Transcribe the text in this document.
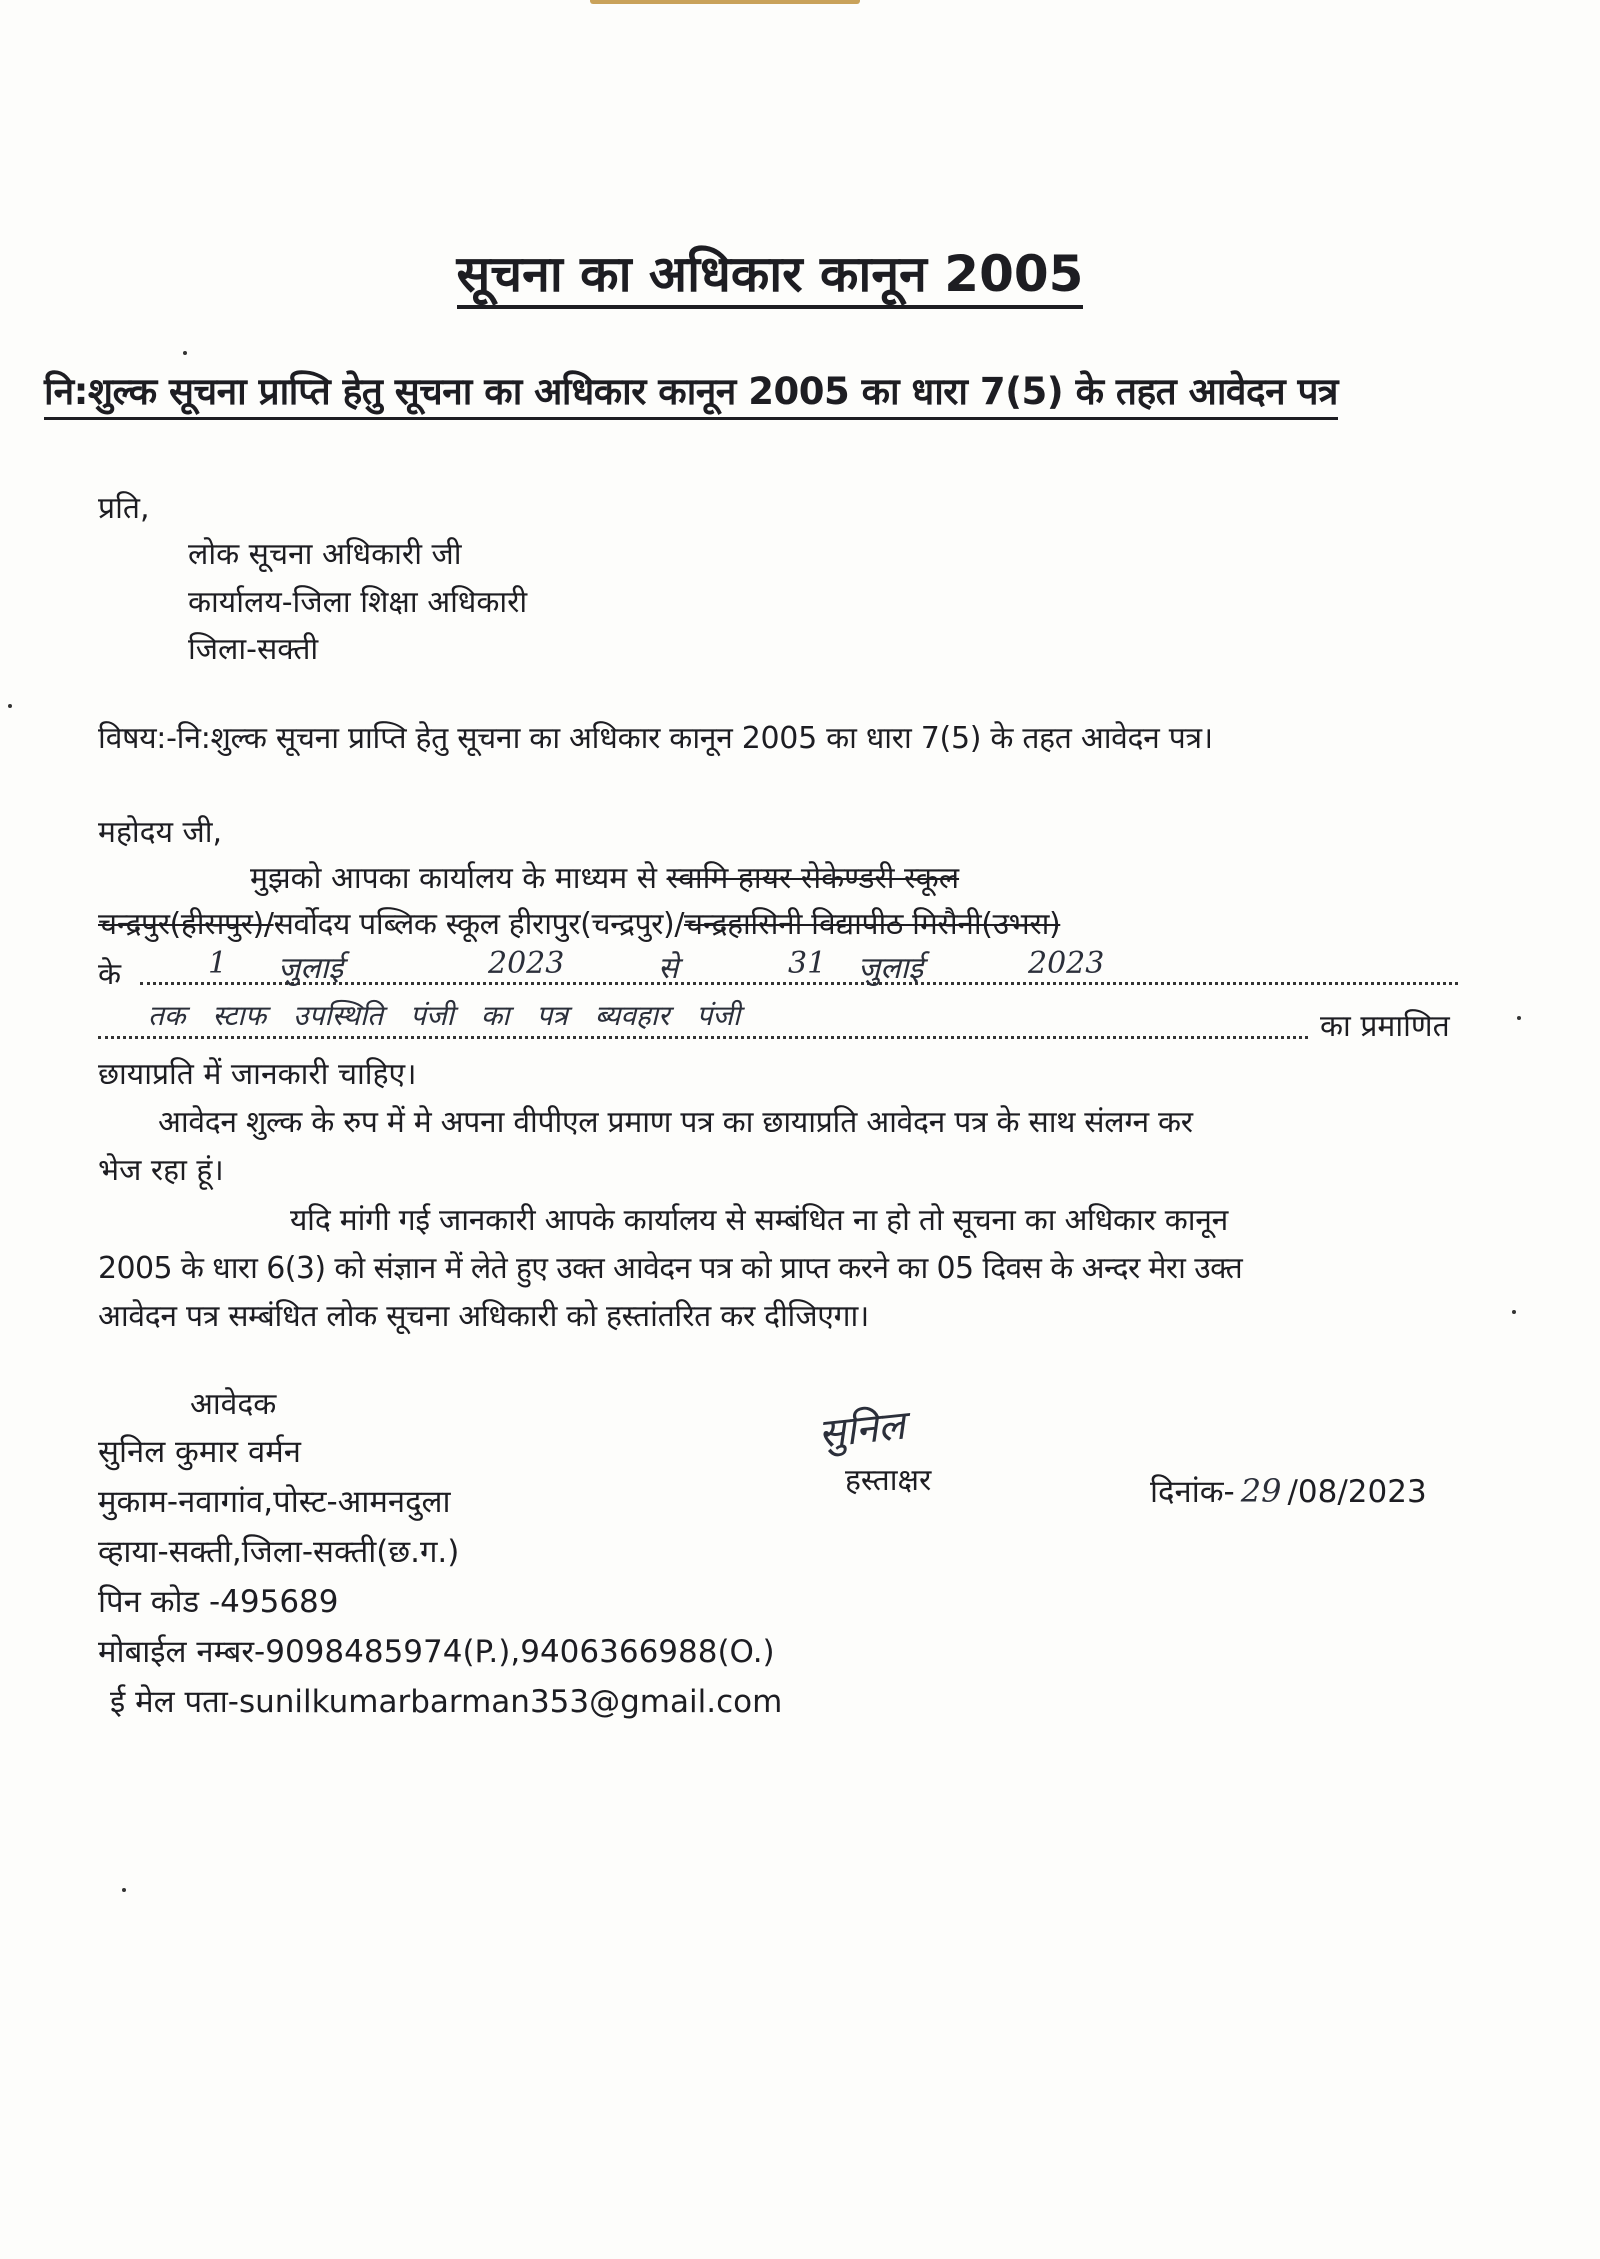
सूचना का अधिकार कानून 2005
नि:शुल्क सूचना प्राप्ति हेतु सूचना का अधिकार कानून 2005 का धारा 7(5) के तहत आवेदन पत्र
प्रति,
लोक सूचना अधिकारी जी
कार्यालय-जिला शिक्षा अधिकारी
जिला-सक्ती
विषय:-नि:शुल्क सूचना प्राप्ति हेतु सूचना का अधिकार कानून 2005 का धारा 7(5) के तहत आवेदन पत्र।
महोदय जी,
मुझको आपका कार्यालय के माध्यम से स्वामि हायर सेकेण्डरी स्कूल
चन्द्रपुर(हीसपुर)/सर्वोदय पब्लिक स्कूल हीरापुर(चन्द्रपुर)/चन्द्रहासिनी विद्यापीठ मिसैनी(उभरा)
के	1 जुलाई	2023	से	31 जुलाई	2023
तक स्टाफ उपस्थिति पंजी का पत्र ब्यवहार पंजी	का प्रमाणित
छायाप्रति में जानकारी चाहिए।
आवेदन शुल्क के रुप में मे अपना वीपीएल प्रमाण पत्र का छायाप्रति आवेदन पत्र के साथ संलग्न कर
भेज रहा हूं।
यदि मांगी गई जानकारी आपके कार्यालय से सम्बंधित ना हो तो सूचना का अधिकार कानून
2005 के धारा 6(3) को संज्ञान में लेते हुए उक्त आवेदन पत्र को प्राप्त करने का 05 दिवस के अन्दर मेरा उक्त
आवेदन पत्र सम्बंधित लोक सूचना अधिकारी को हस्तांतरित कर दीजिएगा।
आवेदक
सुनिल कुमार वर्मन
मुकाम-नवागांव,पोस्ट-आमनदुला
व्हाया-सक्ती,जिला-सक्ती(छ.ग.)
पिन कोड -495689
मोबाईल नम्बर-9098485974(P.),9406366988(O.)
ई मेल पता-sunilkumarbarman353@gmail.com
सुनिल
हस्ताक्षर	दिनांक- 29 /08/2023
